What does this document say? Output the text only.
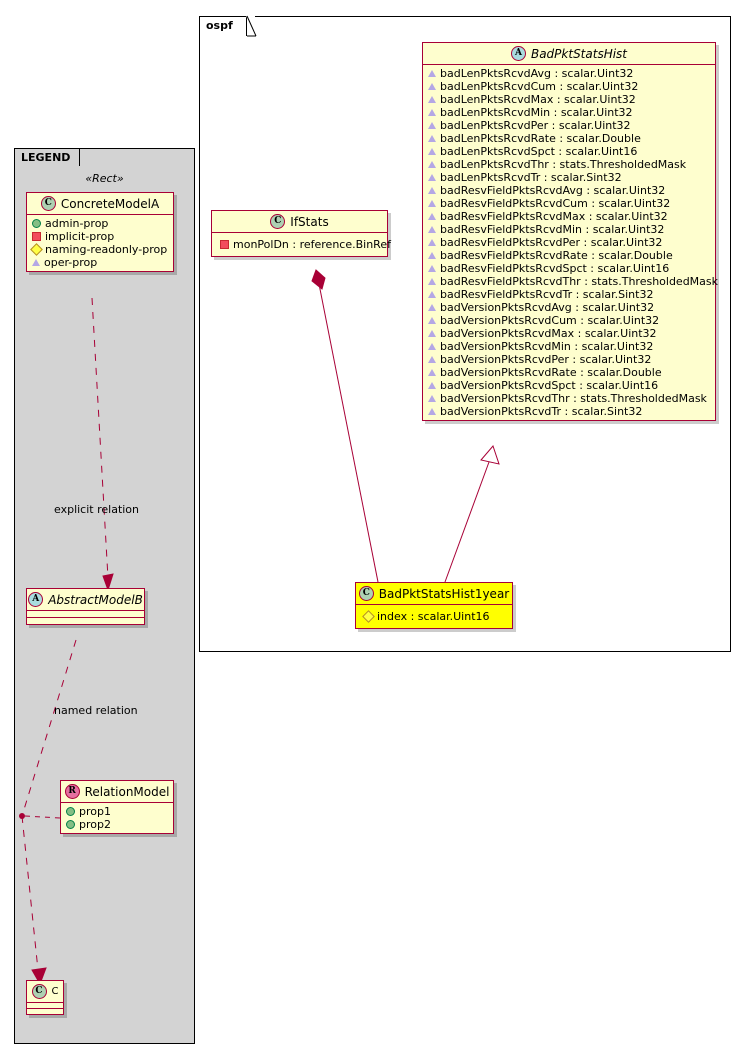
ospf
LEGEND
«Rect»
explicit relation
named relation
C ConcreteModelA
admin-prop
implicit-prop
naming-readonly-prop
oper-prop
A AbstractModelB
R RelationModel
prop1
prop2
C C
A BadPktStatsHist
badLenPktsRcvdAvg : scalar.Uint32
badLenPktsRcvdCum : scalar.Uint32
badLenPktsRcvdMax : scalar.Uint32
badLenPktsRcvdMin : scalar.Uint32
badLenPktsRcvdPer : scalar.Uint32
badLenPktsRcvdRate : scalar.Double
badLenPktsRcvdSpct : scalar.Uint16
badLenPktsRcvdThr : stats.ThresholdedMask
badLenPktsRcvdTr : scalar.Sint32
badResvFieldPktsRcvdAvg : scalar.Uint32
badResvFieldPktsRcvdCum : scalar.Uint32
badResvFieldPktsRcvdMax : scalar.Uint32
badResvFieldPktsRcvdMin : scalar.Uint32
badResvFieldPktsRcvdPer : scalar.Uint32
badResvFieldPktsRcvdRate : scalar.Double
badResvFieldPktsRcvdSpct : scalar.Uint16
badResvFieldPktsRcvdThr : stats.ThresholdedMask
badResvFieldPktsRcvdTr : scalar.Sint32
badVersionPktsRcvdAvg : scalar.Uint32
badVersionPktsRcvdCum : scalar.Uint32
badVersionPktsRcvdMax : scalar.Uint32
badVersionPktsRcvdMin : scalar.Uint32
badVersionPktsRcvdPer : scalar.Uint32
badVersionPktsRcvdRate : scalar.Double
badVersionPktsRcvdSpct : scalar.Uint16
badVersionPktsRcvdThr : stats.ThresholdedMask
badVersionPktsRcvdTr : scalar.Sint32
C IfStats
monPolDn : reference.BinRef
C BadPktStatsHist1year
index : scalar.Uint16
